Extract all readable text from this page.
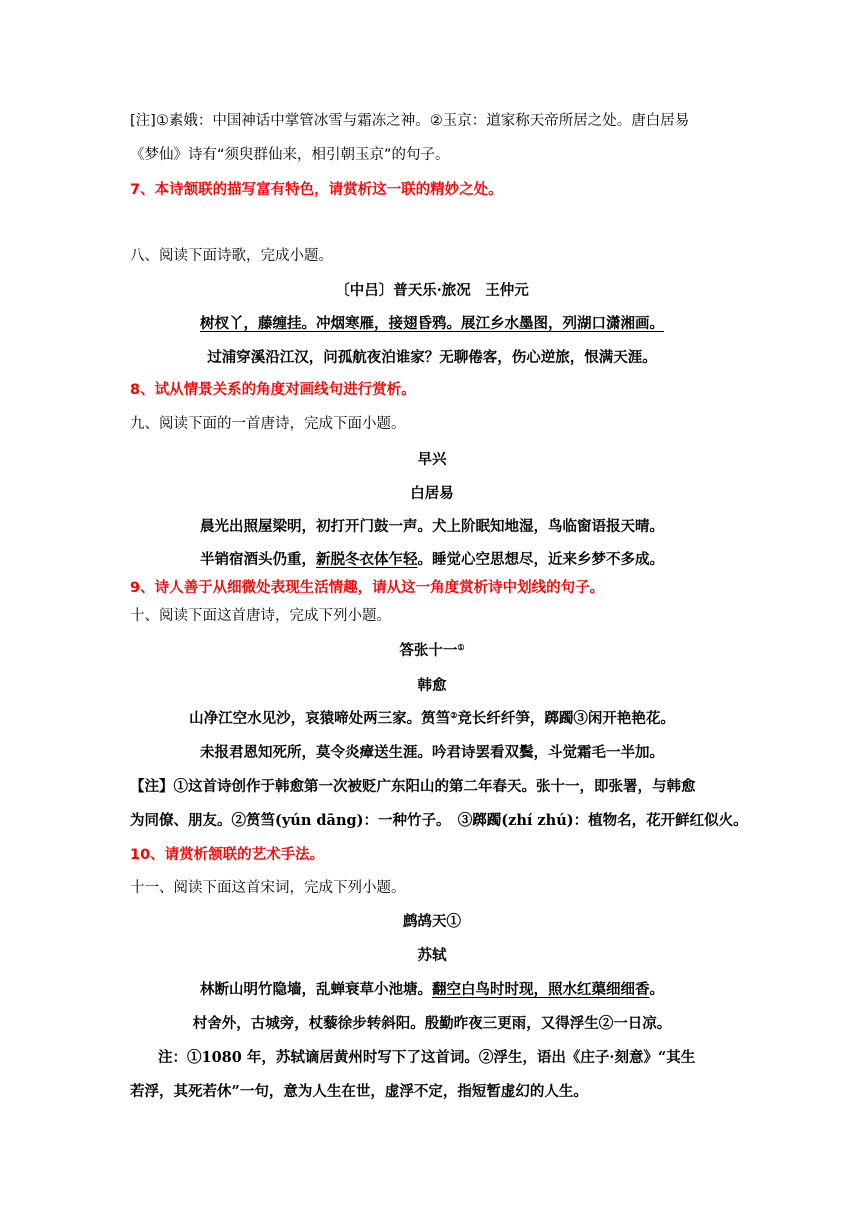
[注]①素娥：中国神话中掌管冰雪与霜冻之神。②玉京：道家称天帝所居之处。唐白居易
《梦仙》诗有“须臾群仙来，相引朝玉京”的句子。
7、本诗颔联的描写富有特色，请赏析这一联的精妙之处。
八、阅读下面诗歌，完成小题。
〔中吕〕普天乐·旅况　王仲元
树杈丫，藤缠挂。冲烟寒雁，接翅昏鸦。展江乡水墨图，列湖口潇湘画。
过浦穿溪沿江汉，问孤航夜泊谁家？无聊倦客，伤心逆旅，恨满天涯。
8、试从情景关系的角度对画线句进行赏析。
九、阅读下面的一首唐诗，完成下面小题。
早兴
白居易
晨光出照屋梁明，初打开门鼓一声。犬上阶眠知地湿，鸟临窗语报天晴。
半销宿酒头仍重，新脱冬衣体乍轻。睡觉心空思想尽，近来乡梦不多成。
9、诗人善于从细微处表现生活情趣，请从这一角度赏析诗中划线的句子。
十、阅读下面这首唐诗，完成下列小题。
答张十一①
韩愈
山净江空水见沙，哀猿啼处两三家。筼筜②竞长纤纤笋，踯躅③闲开艳艳花。
未报君恩知死所，莫令炎瘴送生涯。吟君诗罢看双鬓，斗觉霜毛一半加。
【注】①这首诗创作于韩愈第一次被贬广东阳山的第二年春天。张十一，即张署，与韩愈
为同僚、朋友。②筼筜(yún dāng)：一种竹子。　③踯躅(zhí zhú)：植物名，花开鲜红似火。
10、请赏析颔联的艺术手法。
十一、阅读下面这首宋词，完成下列小题。
鹧鸪天①
苏轼
林断山明竹隐墙，乱蝉衰草小池塘。翻空白鸟时时现，照水红蕖细细香。
村舍外，古城旁，杖藜徐步转斜阳。殷勤昨夜三更雨，又得浮生②一日凉。
注：①1080 年，苏轼谪居黄州时写下了这首词。②浮生，语出《庄子·刻意》“其生
若浮，其死若休”一句，意为人生在世，虚浮不定，指短暂虚幻的人生。
